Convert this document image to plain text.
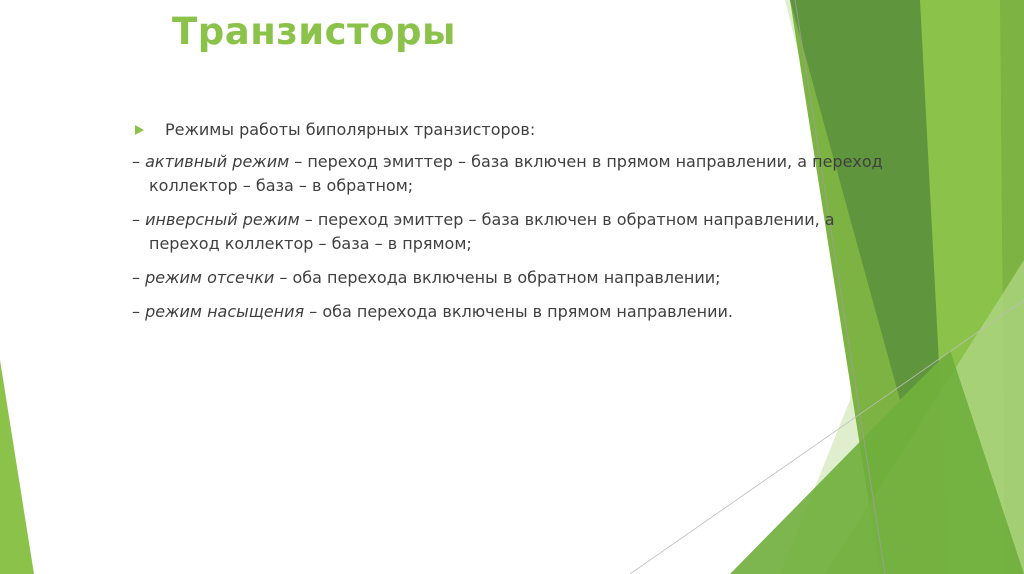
Транзисторы
Режимы работы биполярных транзисторов:
– активный режим – переход эмиттер – база включен в прямом направлении, а переход коллектор – база – в обратном;
– инверсный режим – переход эмиттер – база включен в обратном направлении, а переход коллектор – база – в прямом;
– режим отсечки – оба перехода включены в обратном направлении;
– режим насыщения – оба перехода включены в прямом направлении.
